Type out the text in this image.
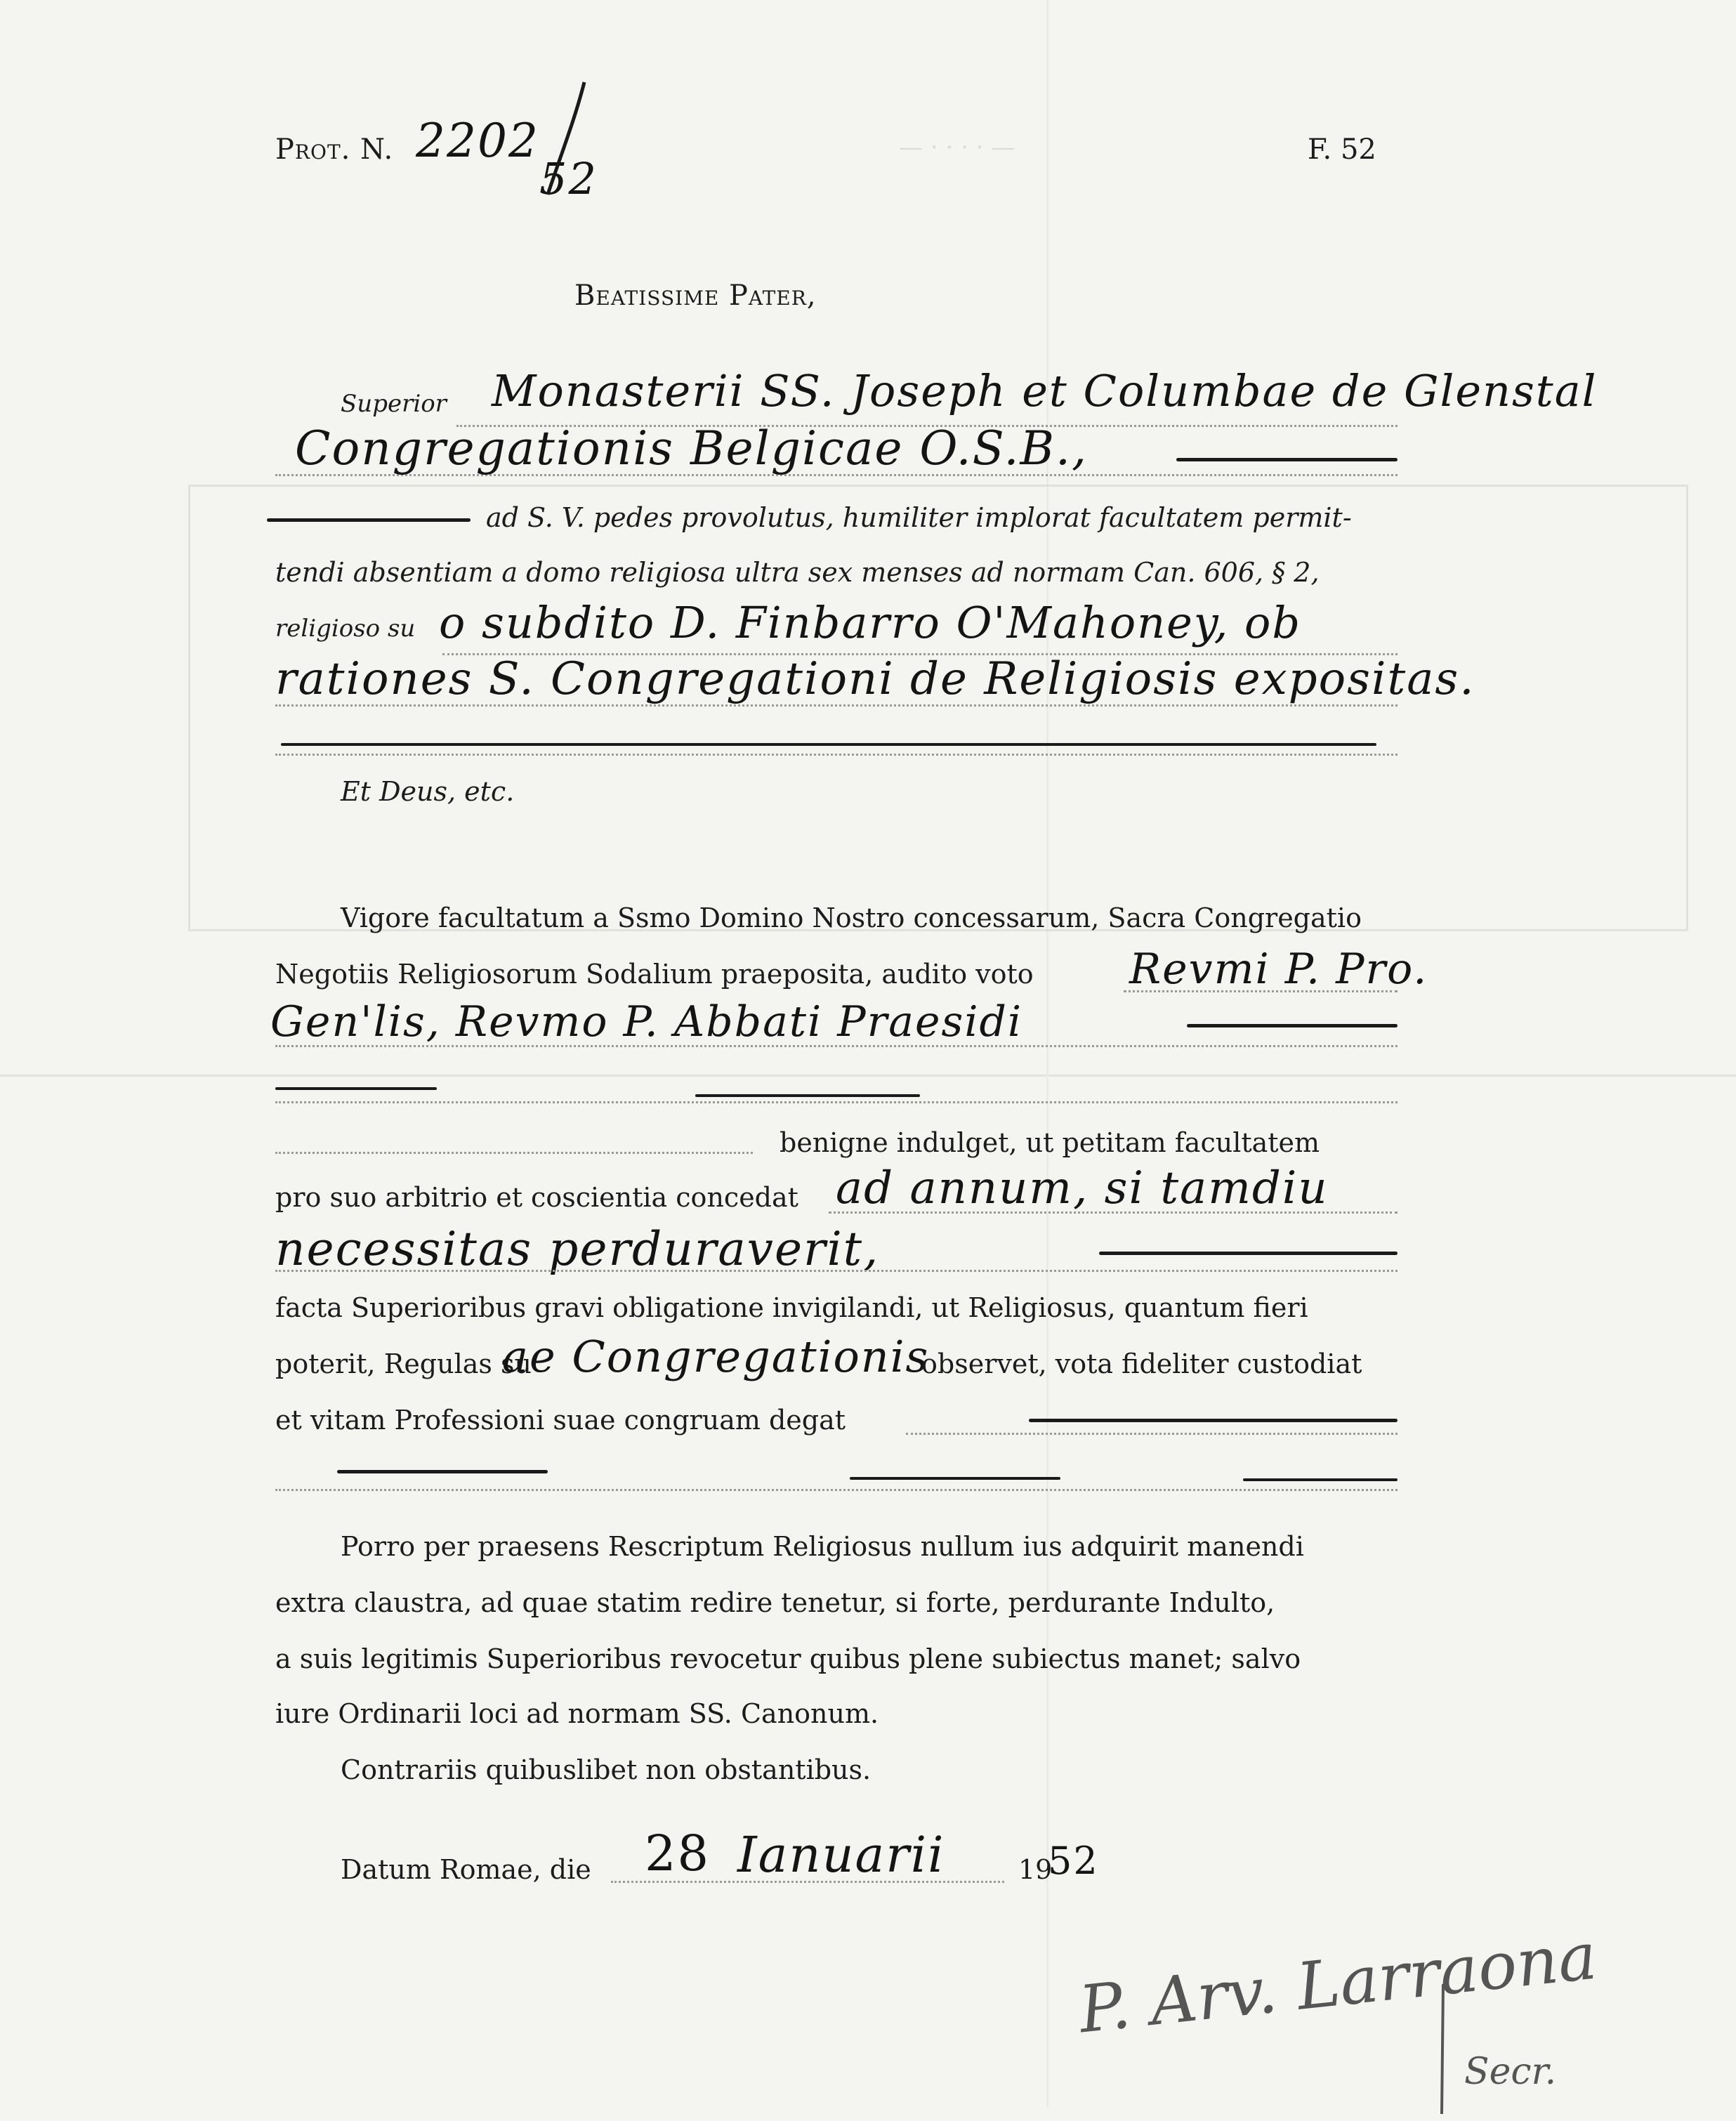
— · · · · —
Prot. N. 2202
52
F. 52
Beatissime Pater,
Superior Monasterii SS. Joseph et Columbae de Glenstal
Congregationis Belgicae O.S.B.,
ad S. V. pedes provolutus, humiliter implorat facultatem permit-
tendi absentiam a domo religiosa ultra sex menses ad normam Can. 606, § 2,
religioso su o subdito D. Finbarro O'Mahoney, ob
rationes S. Congregationi de Religiosis expositas.
Et Deus, etc.
Vigore facultatum a Ssmo Domino Nostro concessarum, Sacra Congregatio
Negotiis Religiosorum Sodalium praeposita, audito voto Revmi P. Pro.
Gen'lis, Revmo P. Abbati Praesidi
benigne indulget, ut petitam facultatem
pro suo arbitrio et coscientia concedat ad annum, si tamdiu
necessitas perduraverit,
facta Superioribus gravi obligatione invigilandi, ut Religiosus, quantum fieri
poterit, Regulas su
ae Congregationis
observet, vota fideliter custodiat
et vitam Professioni suae congruam degat
Porro per praesens Rescriptum Religiosus nullum ius adquirit manendi
extra claustra, ad quae statim redire tenetur, si forte, perdurante Indulto,
a suis legitimis Superioribus revocetur quibus plene subiectus manet; salvo
iure Ordinarii loci ad normam SS. Canonum.
Contrariis quibuslibet non obstantibus.
Datum Romae, die 28 Ianuarii	19
52
P. Arv. Larraona
Secr.
